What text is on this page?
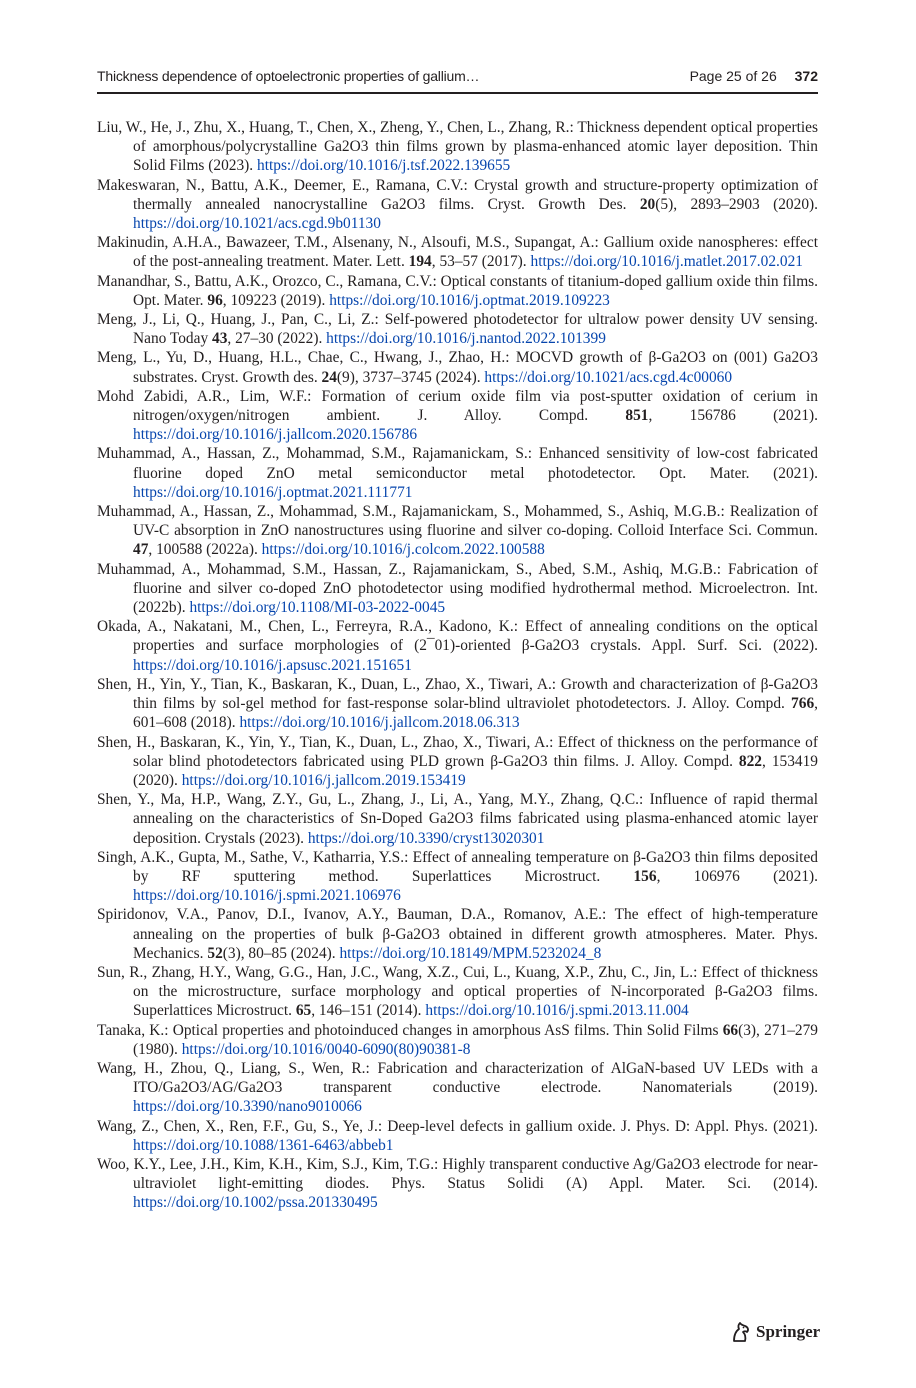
Thickness dependence of optoelectronic properties of gallium…	Page 25 of 26 372

Liu, W., He, J., Zhu, X., Huang, T., Chen, X., Zheng, Y., Chen, L., Zhang, R.: Thickness dependent optical properties of amorphous/polycrystalline Ga2O3 thin films grown by plasma-enhanced atomic layer deposition. Thin Solid Films (2023). https://doi.org/10.1016/j.tsf.2022.139655

Makeswaran, N., Battu, A.K., Deemer, E., Ramana, C.V.: Crystal growth and structure-property optimization of thermally annealed nanocrystalline Ga2O3 films. Cryst. Growth Des. 20(5), 2893–2903 (2020). https://doi.org/10.1021/acs.cgd.9b01130

Makinudin, A.H.A., Bawazeer, T.M., Alsenany, N., Alsoufi, M.S., Supangat, A.: Gallium oxide nanospheres: effect of the post-annealing treatment. Mater. Lett. 194, 53–57 (2017). https://doi.org/10.1016/j.matlet.2017.02.021

Manandhar, S., Battu, A.K., Orozco, C., Ramana, C.V.: Optical constants of titanium-doped gallium oxide thin films. Opt. Mater. 96, 109223 (2019). https://doi.org/10.1016/j.optmat.2019.109223

Meng, J., Li, Q., Huang, J., Pan, C., Li, Z.: Self-powered photodetector for ultralow power density UV sensing. Nano Today 43, 27–30 (2022). https://doi.org/10.1016/j.nantod.2022.101399

Meng, L., Yu, D., Huang, H.L., Chae, C., Hwang, J., Zhao, H.: MOCVD growth of β-Ga2O3 on (001) Ga2O3 substrates. Cryst. Growth des. 24(9), 3737–3745 (2024). https://doi.org/10.1021/acs.cgd.4c00060

Mohd Zabidi, A.R., Lim, W.F.: Formation of cerium oxide film via post-sputter oxidation of cerium in nitrogen/oxygen/nitrogen ambient. J. Alloy. Compd. 851, 156786 (2021). https://doi.org/10.1016/j.jallcom.2020.156786

Muhammad, A., Hassan, Z., Mohammad, S.M., Rajamanickam, S.: Enhanced sensitivity of low-cost fabricated fluorine doped ZnO metal semiconductor metal photodetector. Opt. Mater. (2021). https://doi.org/10.1016/j.optmat.2021.111771

Muhammad, A., Hassan, Z., Mohammad, S.M., Rajamanickam, S., Mohammed, S., Ashiq, M.G.B.: Realization of UV-C absorption in ZnO nanostructures using fluorine and silver co-doping. Colloid Interface Sci. Commun. 47, 100588 (2022a). https://doi.org/10.1016/j.colcom.2022.100588

Muhammad, A., Mohammad, S.M., Hassan, Z., Rajamanickam, S., Abed, S.M., Ashiq, M.G.B.: Fabrication of fluorine and silver co-doped ZnO photodetector using modified hydrothermal method. Microelectron. Int. (2022b). https://doi.org/10.1108/MI-03-2022-0045

Okada, A., Nakatani, M., Chen, L., Ferreyra, R.A., Kadono, K.: Effect of annealing conditions on the optical properties and surface morphologies of (2¯01)-oriented β-Ga2O3 crystals. Appl. Surf. Sci. (2022). https://doi.org/10.1016/j.apsusc.2021.151651

Shen, H., Yin, Y., Tian, K., Baskaran, K., Duan, L., Zhao, X., Tiwari, A.: Growth and characterization of β-Ga2O3 thin films by sol-gel method for fast-response solar-blind ultraviolet photodetectors. J. Alloy. Compd. 766, 601–608 (2018). https://doi.org/10.1016/j.jallcom.2018.06.313

Shen, H., Baskaran, K., Yin, Y., Tian, K., Duan, L., Zhao, X., Tiwari, A.: Effect of thickness on the performance of solar blind photodetectors fabricated using PLD grown β-Ga2O3 thin films. J. Alloy. Compd. 822, 153419 (2020). https://doi.org/10.1016/j.jallcom.2019.153419

Shen, Y., Ma, H.P., Wang, Z.Y., Gu, L., Zhang, J., Li, A., Yang, M.Y., Zhang, Q.C.: Influence of rapid thermal annealing on the characteristics of Sn-Doped Ga2O3 films fabricated using plasma-enhanced atomic layer deposition. Crystals (2023). https://doi.org/10.3390/cryst13020301

Singh, A.K., Gupta, M., Sathe, V., Katharria, Y.S.: Effect of annealing temperature on β-Ga2O3 thin films deposited by RF sputtering method. Superlattices Microstruct. 156, 106976 (2021). https://doi.org/10.1016/j.spmi.2021.106976

Spiridonov, V.A., Panov, D.I., Ivanov, A.Y., Bauman, D.A., Romanov, A.E.: The effect of high-temperature annealing on the properties of bulk β-Ga2O3 obtained in different growth atmospheres. Mater. Phys. Mechanics. 52(3), 80–85 (2024). https://doi.org/10.18149/MPM.5232024_8

Sun, R., Zhang, H.Y., Wang, G.G., Han, J.C., Wang, X.Z., Cui, L., Kuang, X.P., Zhu, C., Jin, L.: Effect of thickness on the microstructure, surface morphology and optical properties of N-incorporated β-Ga2O3 films. Superlattices Microstruct. 65, 146–151 (2014). https://doi.org/10.1016/j.spmi.2013.11.004

Tanaka, K.: Optical properties and photoinduced changes in amorphous AsS films. Thin Solid Films 66(3), 271–279 (1980). https://doi.org/10.1016/0040-6090(80)90381-8

Wang, H., Zhou, Q., Liang, S., Wen, R.: Fabrication and characterization of AlGaN-based UV LEDs with a ITO/Ga2O3/AG/Ga2O3 transparent conductive electrode. Nanomaterials (2019). https://doi.org/10.3390/nano9010066

Wang, Z., Chen, X., Ren, F.F., Gu, S., Ye, J.: Deep-level defects in gallium oxide. J. Phys. D: Appl. Phys. (2021). https://doi.org/10.1088/1361-6463/abbeb1

Woo, K.Y., Lee, J.H., Kim, K.H., Kim, S.J., Kim, T.G.: Highly transparent conductive Ag/Ga2O3 electrode for near-ultraviolet light-emitting diodes. Phys. Status Solidi (A) Appl. Mater. Sci. (2014). https://doi.org/10.1002/pssa.201330495

Springer
